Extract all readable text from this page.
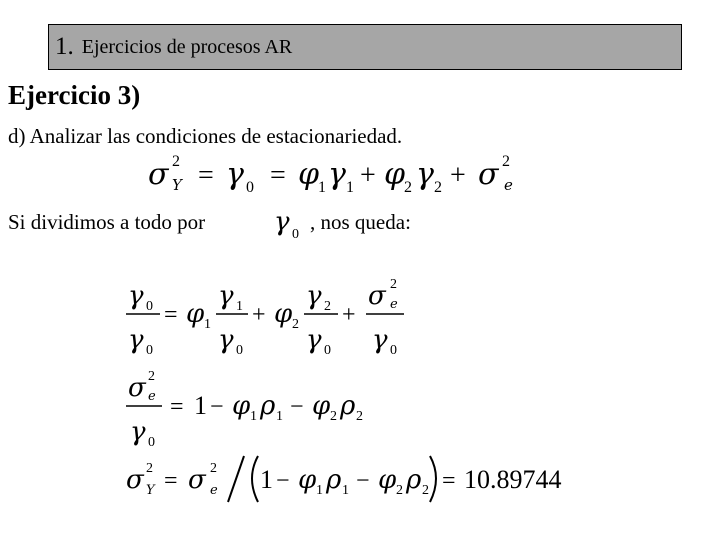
1. Ejercicios de procesos AR
Ejercicio 3)
d) Analizar las condiciones de estacionariedad.
σ 2
Y = γ 0 = φ
1 γ 1 + φ
2 γ 2 + σ 2
e
Si dividimos a todo por	γ 0
, nos queda:
γ 0
γ 0
= φ 1
γ 1
γ 0
+ φ 2
γ 2
γ 0
+
σ 2
e
γ 0
σ 2
e
γ 0
= 1 − φ 1 ρ 1 − φ 2 ρ 2
σ 2
Y = σ 2
e 1 − φ 1 ρ 1 − φ 2 ρ 2 = 10.89744
